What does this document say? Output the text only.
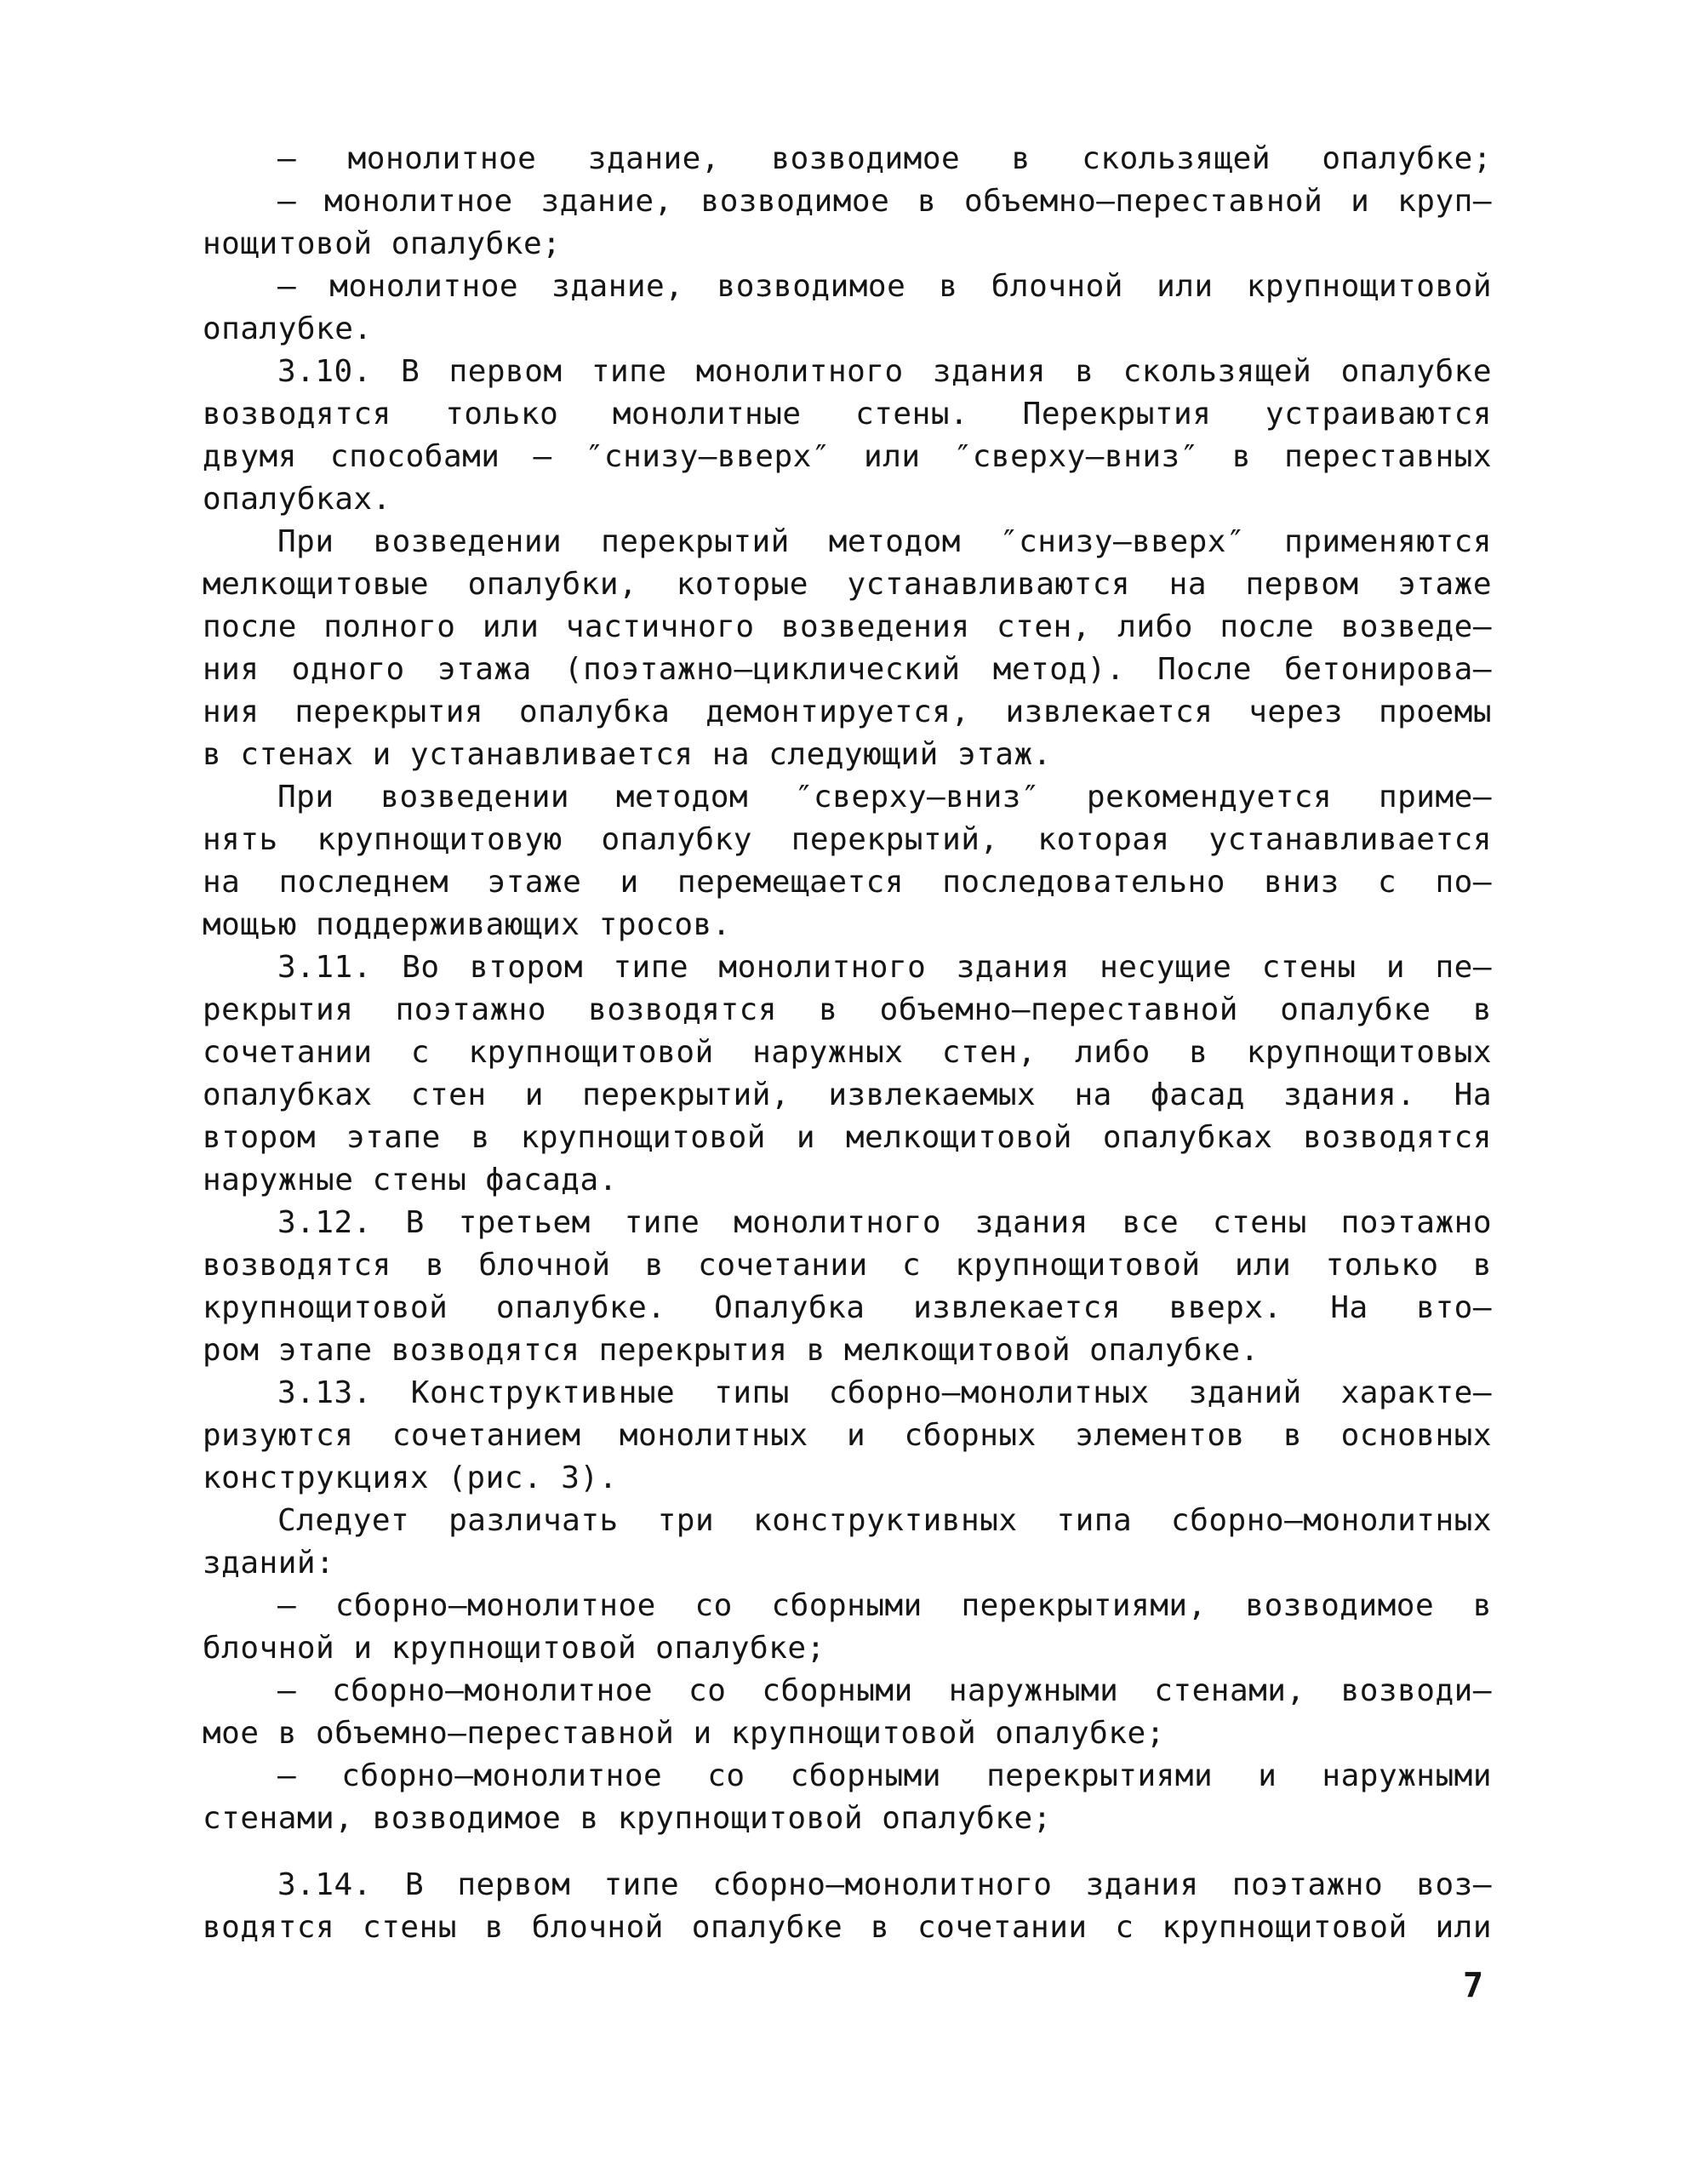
– монолитное здание, возводимое в скользящей опалубке;
– монолитное здание, возводимое в объемно–переставной и круп–
нощитовой опалубке;
– монолитное здание, возводимое в блочной или крупнощитовой
опалубке.
3.10. В первом типе монолитного здания в скользящей опалубке
возводятся только монолитные стены. Перекрытия устраиваются
двумя способами – ″снизу–вверх″ или ″сверху–вниз″ в переставных
опалубках.
При возведении перекрытий методом ″снизу–вверх″ применяются
мелкощитовые опалубки, которые устанавливаются на первом этаже
после полного или частичного возведения стен, либо после возведе–
ния одного этажа (поэтажно–циклический метод). После бетонирова–
ния перекрытия опалубка демонтируется, извлекается через проемы
в стенах и устанавливается на следующий этаж.
При возведении методом ″сверху–вниз″ рекомендуется приме–
нять крупнощитовую опалубку перекрытий, которая устанавливается
на последнем этаже и перемещается последовательно вниз с по–
мощью поддерживающих тросов.
3.11. Во втором типе монолитного здания несущие стены и пе–
рекрытия поэтажно возводятся в объемно–переставной опалубке в
сочетании с крупнощитовой наружных стен, либо в крупнощитовых
опалубках стен и перекрытий, извлекаемых на фасад здания. На
втором этапе в крупнощитовой и мелкощитовой опалубках возводятся
наружные стены фасада.
3.12. В третьем типе монолитного здания все стены поэтажно
возводятся в блочной в сочетании с крупнощитовой или только в
крупнощитовой опалубке. Опалубка извлекается вверх. На вто–
ром этапе возводятся перекрытия в мелкощитовой опалубке.
3.13. Конструктивные типы сборно–монолитных зданий характе–
ризуются сочетанием монолитных и сборных элементов в основных
конструкциях (рис. 3).
Следует различать три конструктивных типа сборно–монолитных
зданий:
– сборно–монолитное со сборными перекрытиями, возводимое в
блочной и крупнощитовой опалубке;
– сборно–монолитное со сборными наружными стенами, возводи–
мое в объемно–переставной и крупнощитовой опалубке;
– сборно–монолитное со сборными перекрытиями и наружными
стенами, возводимое в крупнощитовой опалубке;
3.14. В первом типе сборно–монолитного здания поэтажно воз–
водятся стены в блочной опалубке в сочетании с крупнощитовой или
7
